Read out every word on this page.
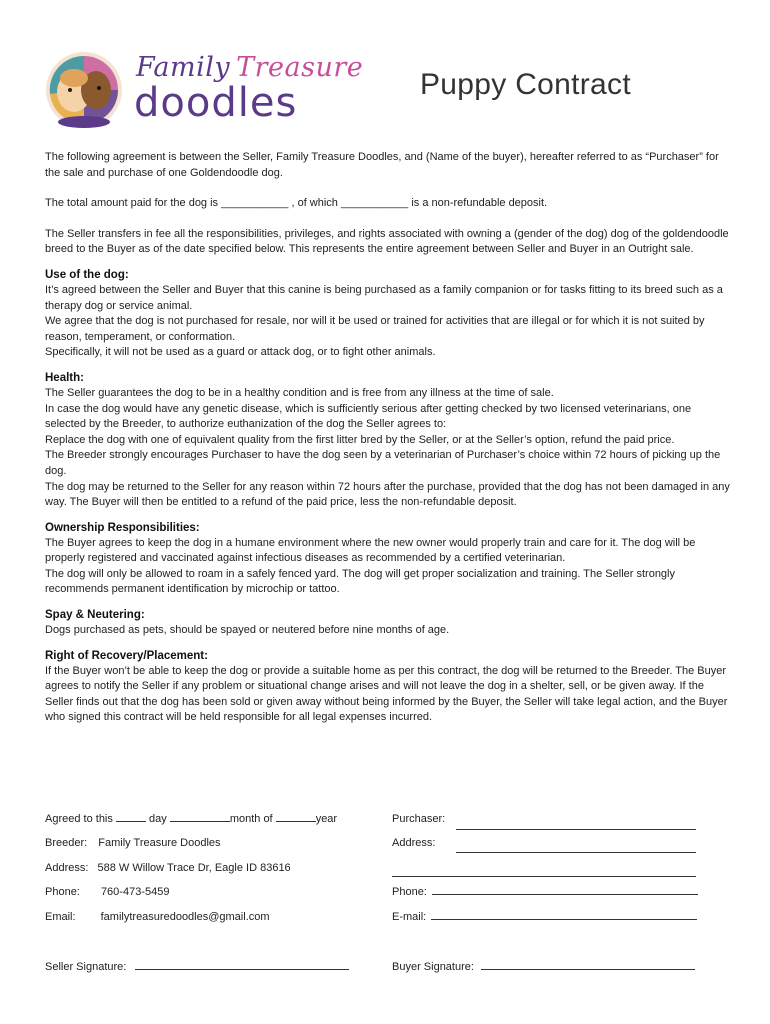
Family Treasure
doodles	Puppy Contract

The following agreement is between the Seller, Family Treasure Doodles, and (Name of the buyer), hereafter referred to as “Purchaser” for the sale and purchase of one Goldendoodle dog.

The total amount paid for the dog is ___________ , of which ___________ is a non-refundable deposit.

The Seller transfers in fee all the responsibilities, privileges, and rights associated with owning a (gender of the dog) dog of the goldendoodle breed to the Buyer as of the date specified below. This represents the entire agreement between Seller and Buyer in an Outright sale.

Use of the dog:

It’s agreed between the Seller and Buyer that this canine is being purchased as a family companion or for tasks fitting to its breed such as a therapy dog or service animal.

We agree that the dog is not purchased for resale, nor will it be used or trained for activities that are illegal or for which it is not suited by reason, temperament, or conformation.

Specifically, it will not be used as a guard or attack dog, or to fight other animals.

Health:

The Seller guarantees the dog to be in a healthy condition and is free from any illness at the time of sale.

In case the dog would have any genetic disease, which is sufficiently serious after getting checked by two licensed veterinarians, one selected by the Breeder, to authorize euthanization of the dog the Seller agrees to:

Replace the dog with one of equivalent quality from the first litter bred by the Seller, or at the Seller’s option, refund the paid price.

The Breeder strongly encourages Purchaser to have the dog seen by a veterinarian of Purchaser’s choice within 72 hours of picking up the dog.

The dog may be returned to the Seller for any reason within 72 hours after the purchase, provided that the dog has not been damaged in any way. The Buyer will then be entitled to a refund of the paid price, less the non-refundable deposit.

Ownership Responsibilities:

The Buyer agrees to keep the dog in a humane environment where the new owner would properly train and care for it. The dog will be properly registered and vaccinated against infectious diseases as recommended by a certified veterinarian.

The dog will only be allowed to roam in a safely fenced yard. The dog will get proper socialization and training. The Seller strongly recommends permanent identification by microchip or tattoo.

Spay & Neutering:

Dogs purchased as pets, should be spayed or neutered before nine months of age.

Right of Recovery/Placement:

If the Buyer won’t be able to keep the dog or provide a suitable home as per this contract, the dog will be returned to the Breeder. The Buyer agrees to notify the Seller if any problem or situational change arises and will not leave the dog in a shelter, sell, or be given away. If the Seller finds out that the dog has been sold or given away without being informed by the Buyer, the Seller will take legal action, and the Buyer who signed this contract will be held responsible for all legal expenses incurred.

Agreed to this	day	month of	year
Breeder: Family Treasure Doodles
Address: 588 W Willow Trace Dr, Eagle ID 83616
Phone: 760-473-5459
Email: familytreasuredoodles@gmail.com
Seller Signature:
Purchaser:
Address:
Phone:
E-mail:
Buyer Signature:
